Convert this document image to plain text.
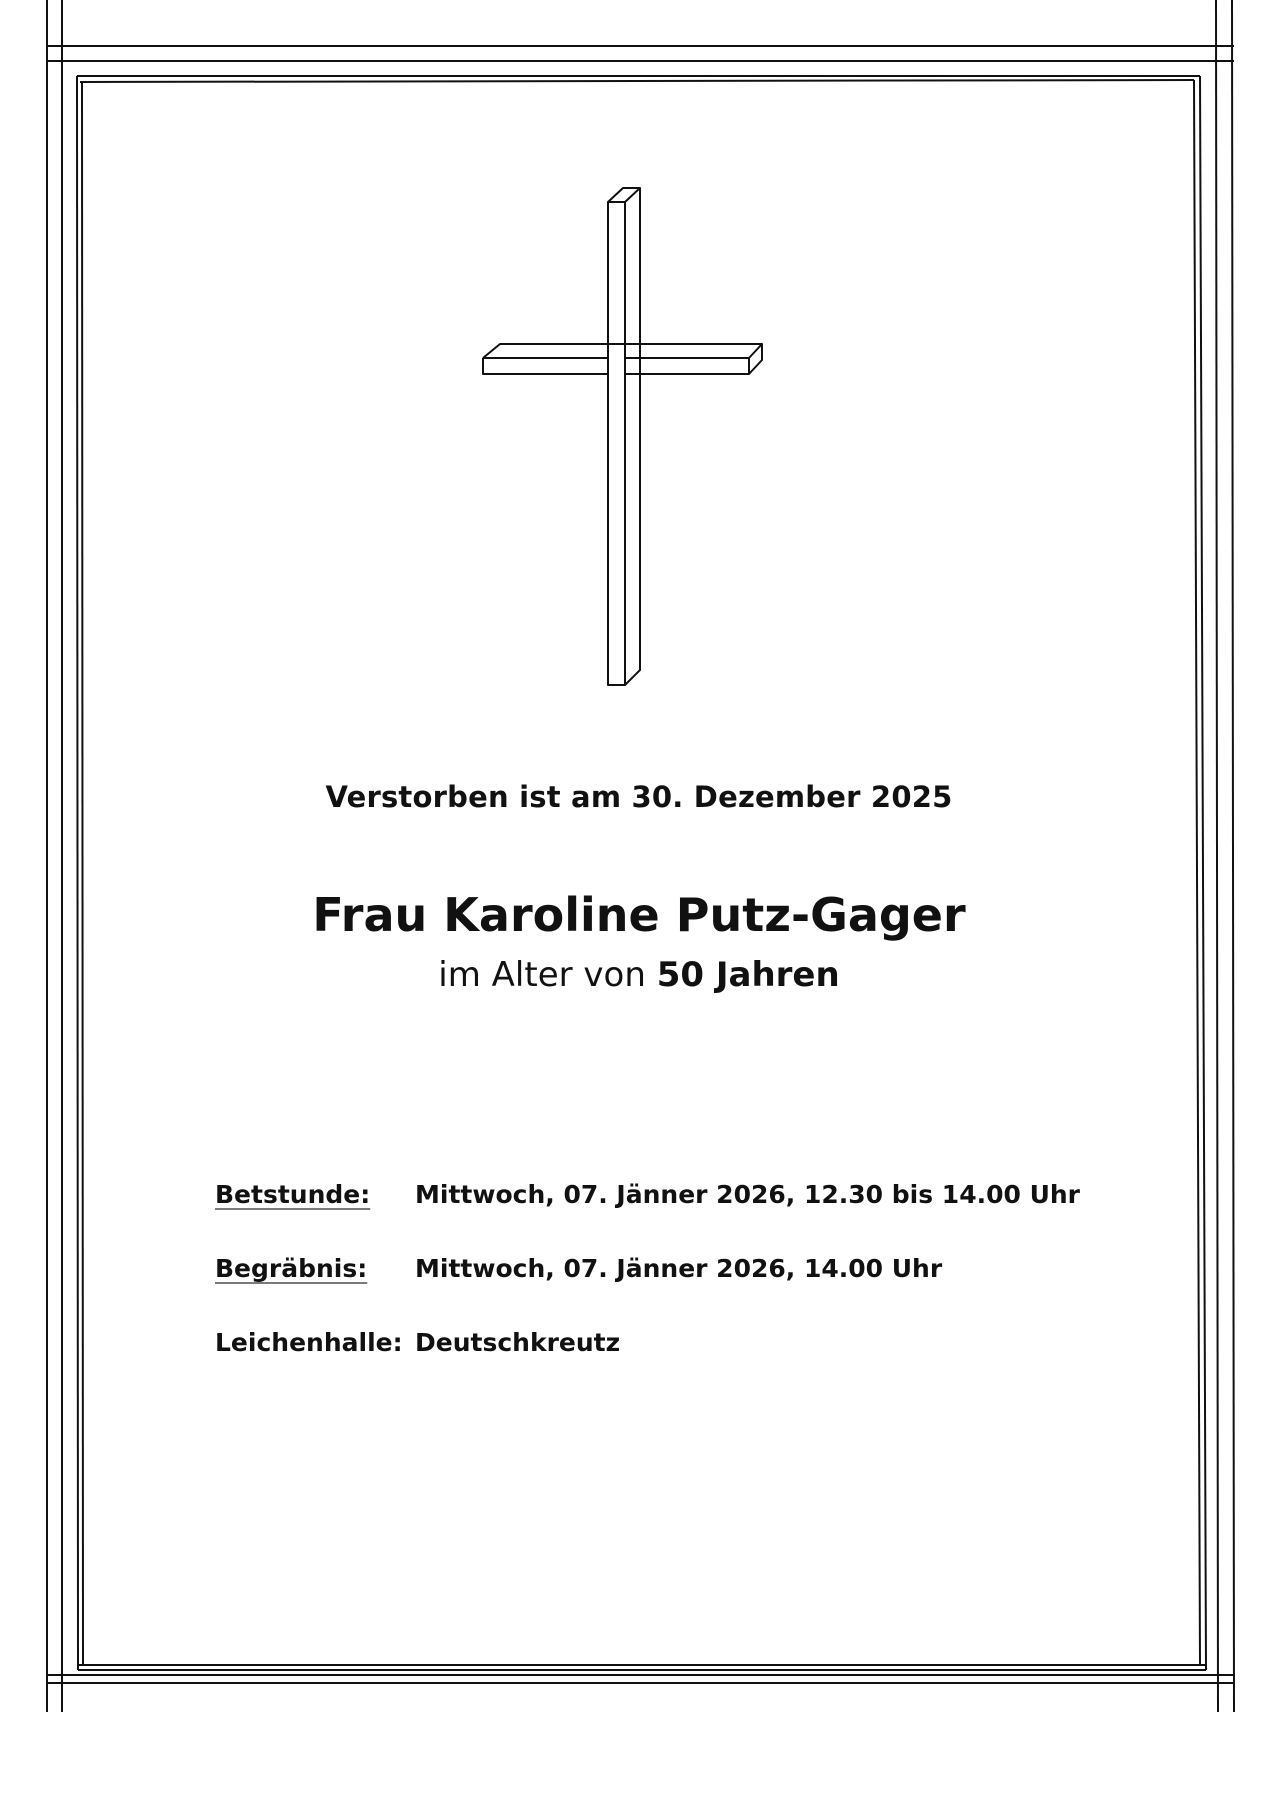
Verstorben ist am 30. Dezember 2025
Frau Karoline Putz-Gager
im Alter von 50 Jahren
Betstunde: Mittwoch, 07. Jänner 2026, 12.30 bis 14.00 Uhr
Begräbnis: Mittwoch, 07. Jänner 2026, 14.00 Uhr
Leichenhalle: Deutschkreutz
